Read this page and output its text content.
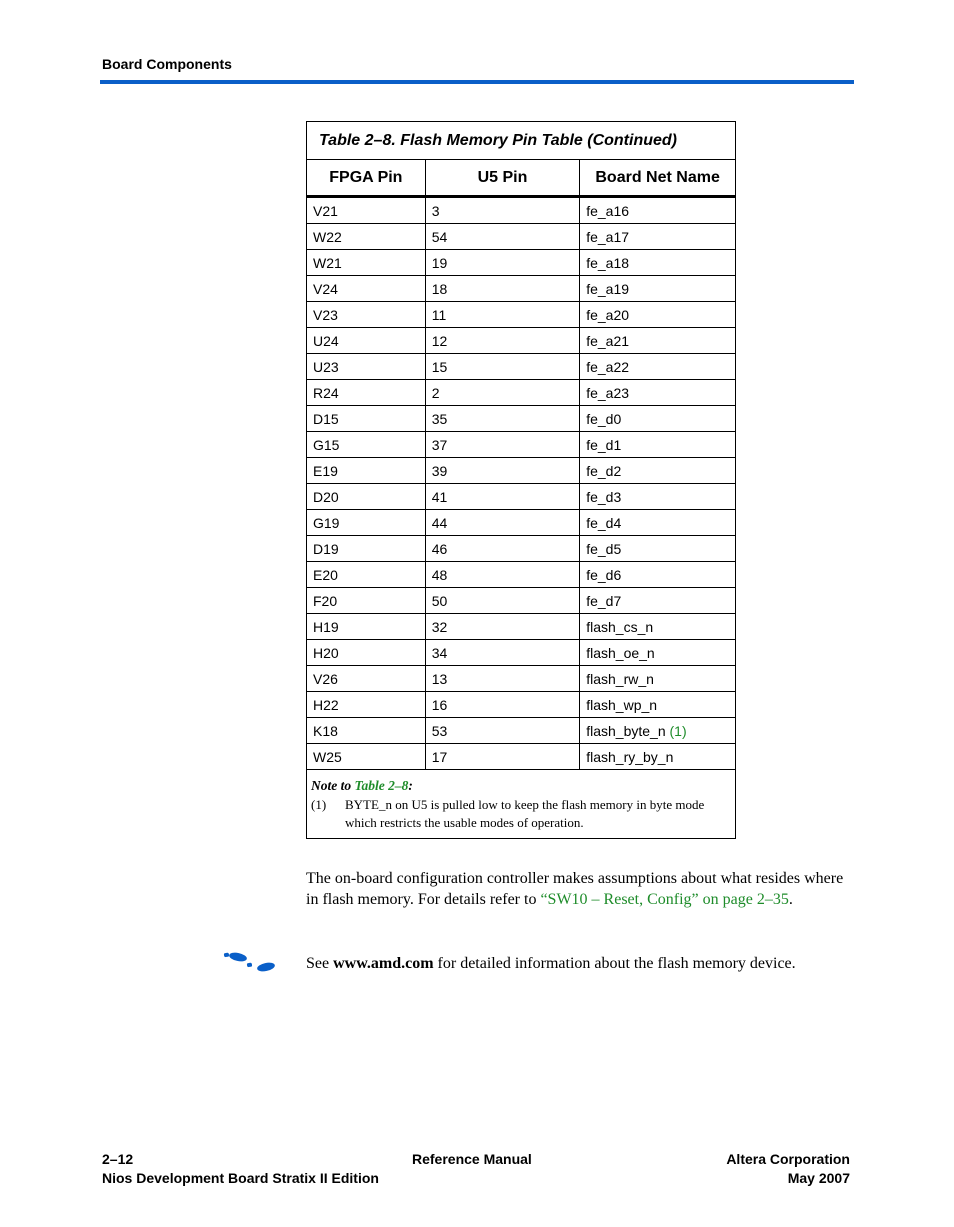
Board Components
Table 2–8. Flash Memory Pin Table (Continued)		
FPGA Pin	U5 Pin	Board Net Name
V21	3	fe_a16
W22	54	fe_a17
W21	19	fe_a18
V24	18	fe_a19
V23	11	fe_a20
U24	12	fe_a21
U23	15	fe_a22
R24	2	fe_a23
D15	35	fe_d0
G15	37	fe_d1
E19	39	fe_d2
D20	41	fe_d3
G19	44	fe_d4
D19	46	fe_d5
E20	48	fe_d6
F20	50	fe_d7
H19	32	flash_cs_n
H20	34	flash_oe_n
V26	13	flash_rw_n
H22	16	flash_wp_n
K18	53	flash_byte_n (1)
W25	17	flash_ry_by_n

Note to Table 2–8:
(1) BYTE_n on U5 is pulled low to keep the flash memory in byte mode which restricts the usable modes of operation.		
The on-board configuration controller makes assumptions about what resides where in flash memory. For details refer to “SW10 – Reset, Config” on page 2–35.
See www.amd.com for detailed information about the flash memory device.
2–12
Nios Development Board Stratix II Edition
Reference Manual	Altera Corporation
May 2007
